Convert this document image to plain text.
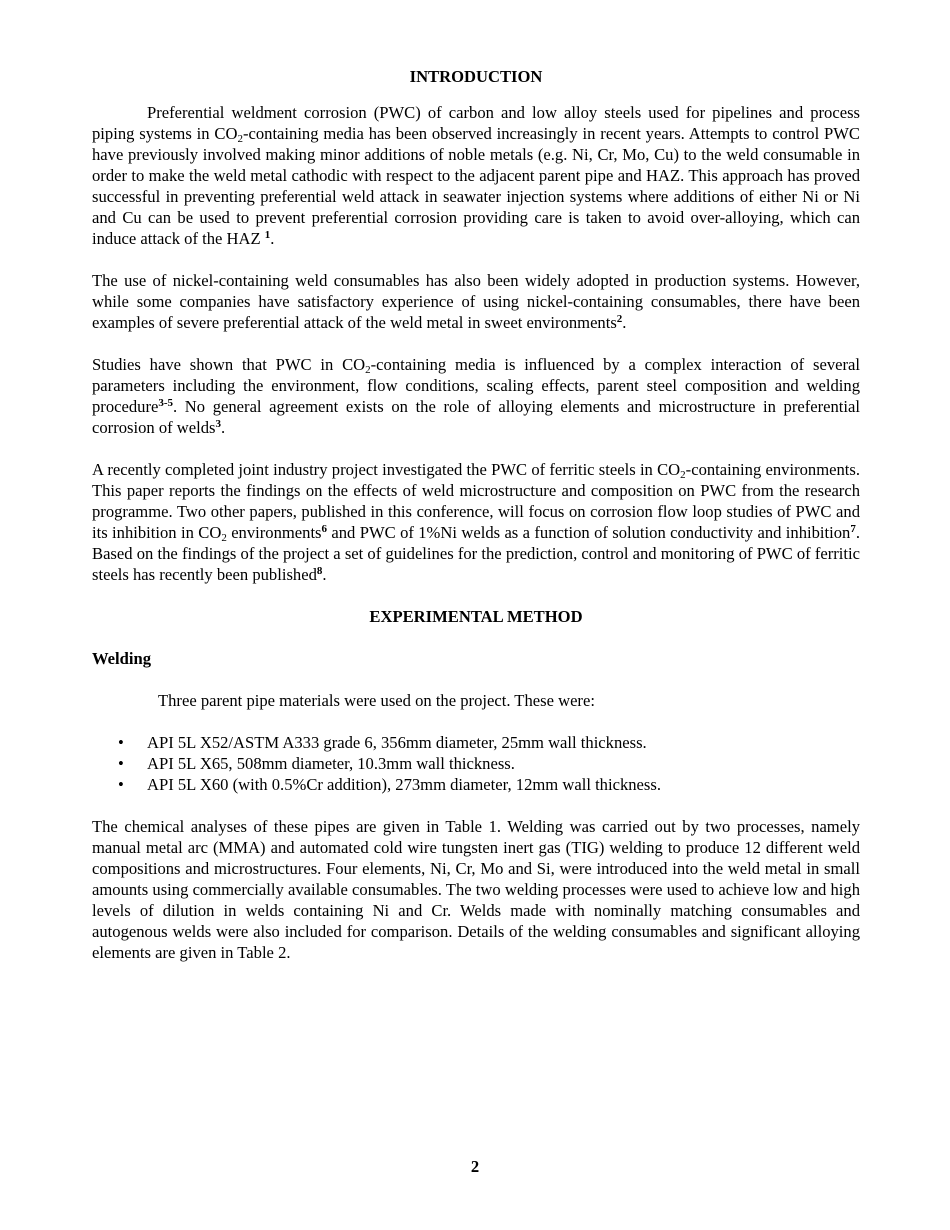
INTRODUCTION

Preferential weldment corrosion (PWC) of carbon and low alloy steels used for pipelines and process piping systems in $CO_2$-containing media has been observed increasingly in recent years. Attempts to control PWC have previously involved making minor additions of noble metals (e.g. Ni, Cr, Mo, Cu) to the weld consumable in order to make the weld metal cathodic with respect to the adjacent parent pipe and HAZ. This approach has proved successful in preventing preferential weld attack in seawater injection systems where additions of either Ni or Ni and Cu can be used to prevent preferential corrosion providing care is taken to avoid over-alloying, which can induce attack of the HAZ $^1$.

The use of nickel-containing weld consumables has also been widely adopted in production systems. However, while some companies have satisfactory experience of using nickel-containing consumables, there have been examples of severe preferential attack of the weld metal in sweet environments$^2$.

Studies have shown that PWC in $CO_2$-containing media is influenced by a complex interaction of several parameters including the environment, flow conditions, scaling effects, parent steel composition and welding procedure$^{3-5}$. No general agreement exists on the role of alloying elements and microstructure in preferential corrosion of welds$^3$.

A recently completed joint industry project investigated the PWC of ferritic steels in $CO_2$-containing environments. This paper reports the findings on the effects of weld microstructure and composition on PWC from the research programme. Two other papers, published in this conference, will focus on corrosion flow loop studies of PWC and its inhibition in $CO_2$ environments$^6$ and PWC of 1%Ni welds as a function of solution conductivity and inhibition$^7$. Based on the findings of the project a set of guidelines for the prediction, control and monitoring of PWC of ferritic steels has recently been published$^8$.

EXPERIMENTAL METHOD

Welding

Three parent pipe materials were used on the project. These were:

• API 5L X52/ASTM A333 grade 6, 356mm diameter, 25mm wall thickness.
• API 5L X65, 508mm diameter, 10.3mm wall thickness.
• API 5L X60 (with 0.5%Cr addition), 273mm diameter, 12mm wall thickness.

The chemical analyses of these pipes are given in Table 1. Welding was carried out by two processes, namely manual metal arc (MMA) and automated cold wire tungsten inert gas (TIG) welding to produce 12 different weld compositions and microstructures. Four elements, Ni, Cr, Mo and Si, were introduced into the weld metal in small amounts using commercially available consumables. The two welding processes were used to achieve low and high levels of dilution in welds containing Ni and Cr. Welds made with nominally matching consumables and autogenous welds were also included for comparison. Details of the welding consumables and significant alloying elements are given in Table 2.

2
